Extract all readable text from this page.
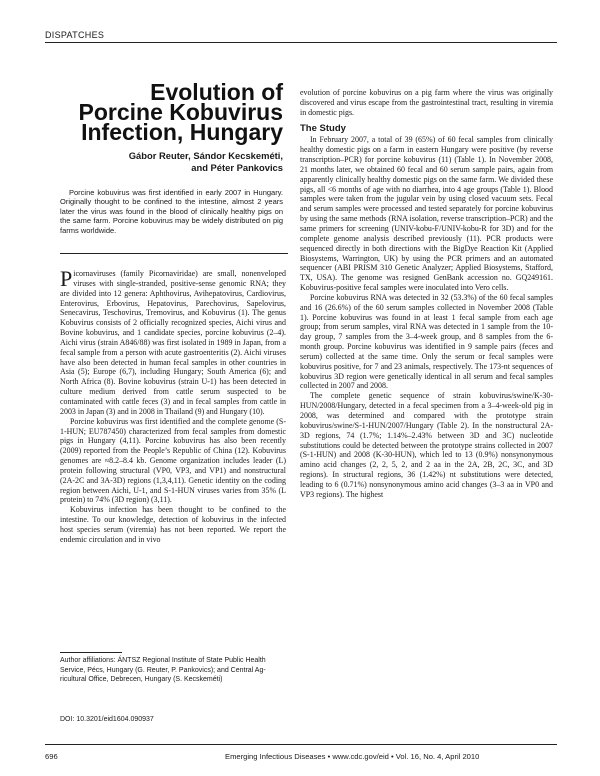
DISPATCHES
Evolution of
Porcine Kobuvirus
Infection, Hungary
Gábor Reuter, Sándor Kecskeméti,
and Péter Pankovics

Porcine kobuvirus was first identified in early 2007 in Hungary. Originally thought to be confined to the intestine, almost 2 years later the virus was found in the blood of clinically healthy pigs on the same farm. Porcine kobuvirus may be widely distributed on pig farms worldwide.

Picornaviruses (family Picornaviridae) are small, nonenveloped viruses with single-stranded, positive-sense genomic RNA; they are divided into 12 genera: Aphthovirus, Avihepatovirus, Cardiovirus, Enterovirus, Erbovirus, Hepatovirus, Parechovirus, Sapelovirus, Senecavirus, Teschovirus, Tremovirus, and Kobuvirus (1). The genus Kobuvirus consists of 2 officially recognized species, Aichi virus and Bovine kobuvirus, and 1 candidate species, porcine kobuvirus (2–4). Aichi virus (strain A846/88) was first isolated in 1989 in Japan, from a fecal sample from a person with acute gastroenteritis (2). Aichi viruses have also been detected in human fecal samples in other countries in Asia (5); Europe (6,7), including Hungary; South America (6); and North Africa (8). Bovine kobuvirus (strain U-1) has been detected in culture medium derived from cattle serum suspected to be contaminated with cattle feces (3) and in fecal samples from cattle in 2003 in Japan (3) and in 2008 in Thailand (9) and Hungary (10).

Porcine kobuvirus was first identified and the complete genome (S-1-HUN; EU787450) characterized from fecal samples from domestic pigs in Hungary (4,11). Porcine kobuvirus has also been recently (2009) reported from the People’s Republic of China (12). Kobuvirus genomes are ≈8.2–8.4 kb. Genome organization includes leader (L) protein following structural (VP0, VP3, and VP1) and nonstructural (2A-2C and 3A-3D) regions (1,3,4,11). Genetic identity on the coding region between Aichi, U-1, and S-1-HUN viruses varies from 35% (L protein) to 74% (3D region) (3,11).

Kobuvirus infection has been thought to be confined to the intestine. To our knowledge, detection of kobuvirus in the infected host species serum (viremia) has not been reported. We report the endemic circulation and in vivo

Author affiliations: ÁNTSZ Regional Institute of State Public Health
Service, Pécs, Hungary (G. Reuter, P. Pankovics); and Central Ag-
ricultural Office, Debrecen, Hungary (S. Kecskeméti)
DOI: 10.3201/eid1604.090937

evolution of porcine kobuvirus on a pig farm where the virus was originally discovered and virus escape from the gastrointestinal tract, resulting in viremia in domestic pigs.

The Study

In February 2007, a total of 39 (65%) of 60 fecal samples from clinically healthy domestic pigs on a farm in eastern Hungary were positive (by reverse transcription–PCR) for porcine kobuvirus (11) (Table 1). In November 2008, 21 months later, we obtained 60 fecal and 60 serum sample pairs, again from apparently clinically healthy domestic pigs on the same farm. We divided these pigs, all <6 months of age with no diarrhea, into 4 age groups (Table 1). Blood samples were taken from the jugular vein by using closed vacuum sets. Fecal and serum samples were processed and tested separately for porcine kobuvirus by using the same methods (RNA isolation, reverse transcription–PCR) and the same primers for screening (UNIV-kobu-F/UNIV-kobu-R for 3D) and for the complete genome analysis described previously (11). PCR products were sequenced directly in both directions with the BigDye Reaction Kit (Applied Biosystems, Warrington, UK) by using the PCR primers and an automated sequencer (ABI PRISM 310 Genetic Analyzer; Applied Biosystems, Stafford, TX, USA). The genome was resigned GenBank accession no. GQ249161. Kobuvirus-positive fecal samples were inoculated into Vero cells.

Porcine kobuvirus RNA was detected in 32 (53.3%) of the 60 fecal samples and 16 (26.6%) of the 60 serum samples collected in November 2008 (Table 1). Porcine kobuvirus was found in at least 1 fecal sample from each age group; from serum samples, viral RNA was detected in 1 sample from the 10-day group, 7 samples from the 3–4-week group, and 8 samples from the 6-month group. Porcine kobuvirus was identified in 9 sample pairs (feces and serum) collected at the same time. Only the serum or fecal samples were kobuvirus positive, for 7 and 23 animals, respectively. The 173-nt sequences of kobuvirus 3D region were genetically identical in all serum and fecal samples collected in 2007 and 2008.

The complete genetic sequence of strain kobuvirus/swine/K-30-HUN/2008/Hungary, detected in a fecal specimen from a 3–4-week-old pig in 2008, was determined and compared with the prototype strain kobuvirus/swine/S-1-HUN/2007/Hungary (Table 2). In the nonstructural 2A-3D regions, 74 (1.7%; 1.14%–2.43% between 3D and 3C) nucleotide substitutions could be detected between the prototype strains collected in 2007 (S-1-HUN) and 2008 (K-30-HUN), which led to 13 (0.9%) nonsynonymous amino acid changes (2, 2, 5, 2, and 2 aa in the 2A, 2B, 2C, 3C, and 3D regions). In structural regions, 36 (1.42%) nt substitutions were detected, leading to 6 (0.71%) nonsynonymous amino acid changes (3–3 aa in VP0 and VP3 regions). The highest

696	Emerging Infectious Diseases • www.cdc.gov/eid • Vol. 16, No. 4, April 2010
